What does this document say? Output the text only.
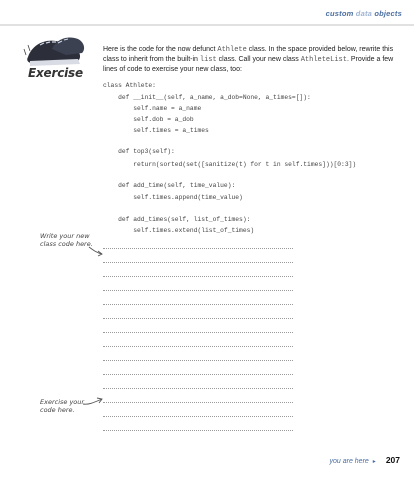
custom data objects
Exercise
Here is the code for the now defunct Athlete class. In the space provided below, rewrite this class to inherit from the built-in list class. Call your new class AthleteList. Provide a few lines of code to exercise your new class, too:
class Athlete:
def __init__(self, a_name, a_dob=None, a_times=[]):
self.name = a_name
self.dob = a_dob
self.times = a_times
def top3(self):
return(sorted(set([sanitize(t) for t in self.times]))[0:3])
def add_time(self, time_value):
self.times.append(time_value)
def add_times(self, list_of_times):
self.times.extend(list_of_times)
Write your new
class code here.
Exercise your
code here.
you are here ▸ 207
